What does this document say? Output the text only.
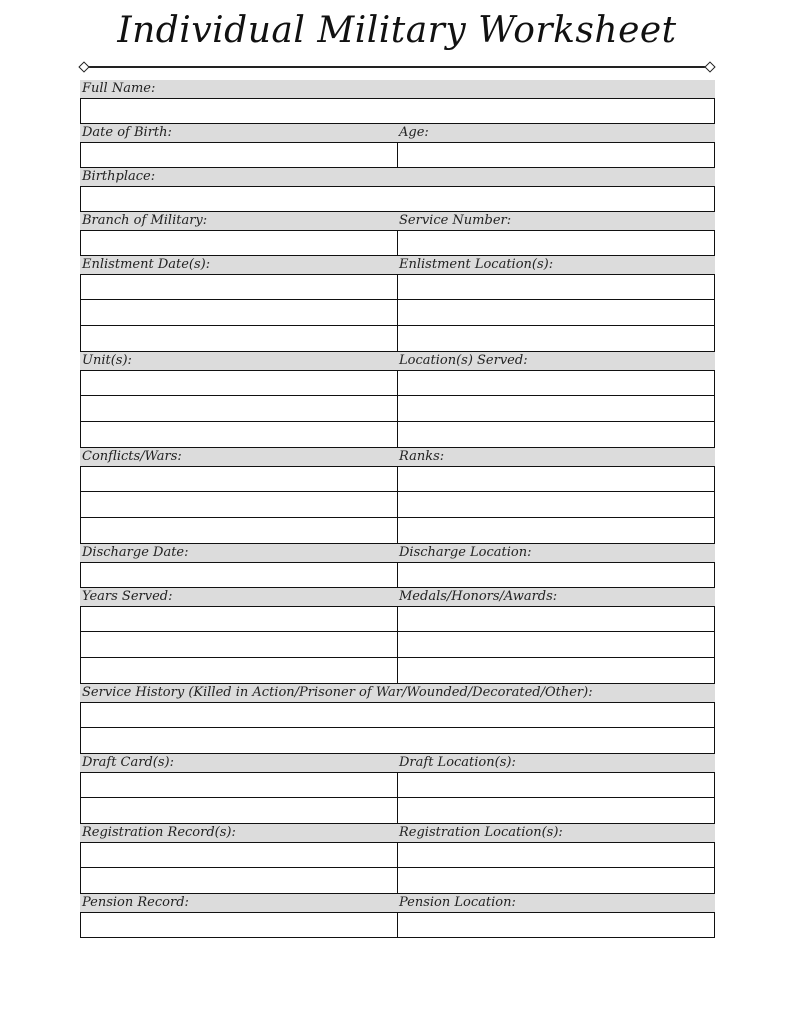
Individual Military Worksheet
Full Name:
Date of Birth:	Age:
Birthplace:
Branch of Military:	Service Number:
Enlistment Date(s):	Enlistment Location(s):
Unit(s):	Location(s) Served:
Conflicts/Wars:	Ranks:
Discharge Date:	Discharge Location:
Years Served:	Medals/Honors/Awards:
Service History (Killed in Action/Prisoner of War/Wounded/Decorated/Other):
Draft Card(s):	Draft Location(s):
Registration Record(s):	Registration Location(s):
Pension Record:	Pension Location:
